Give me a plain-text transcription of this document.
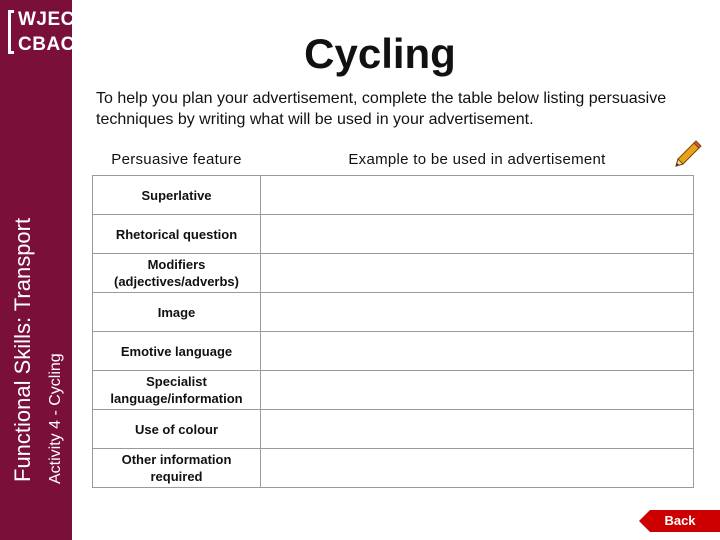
WJEC
CBAC
Functional Skills: Transport Activity 4 - Cycling
Cycling
To help you plan your advertisement, complete the table below listing persuasive techniques by writing what will be used in your advertisement.
Persuasive feature	Example to be used in advertisement
Superlative	
Rhetorical question	
Modifiers (adjectives/adverbs)	
Image	
Emotive language	
Specialist language/information	
Use of colour	
Other information required	
Back
